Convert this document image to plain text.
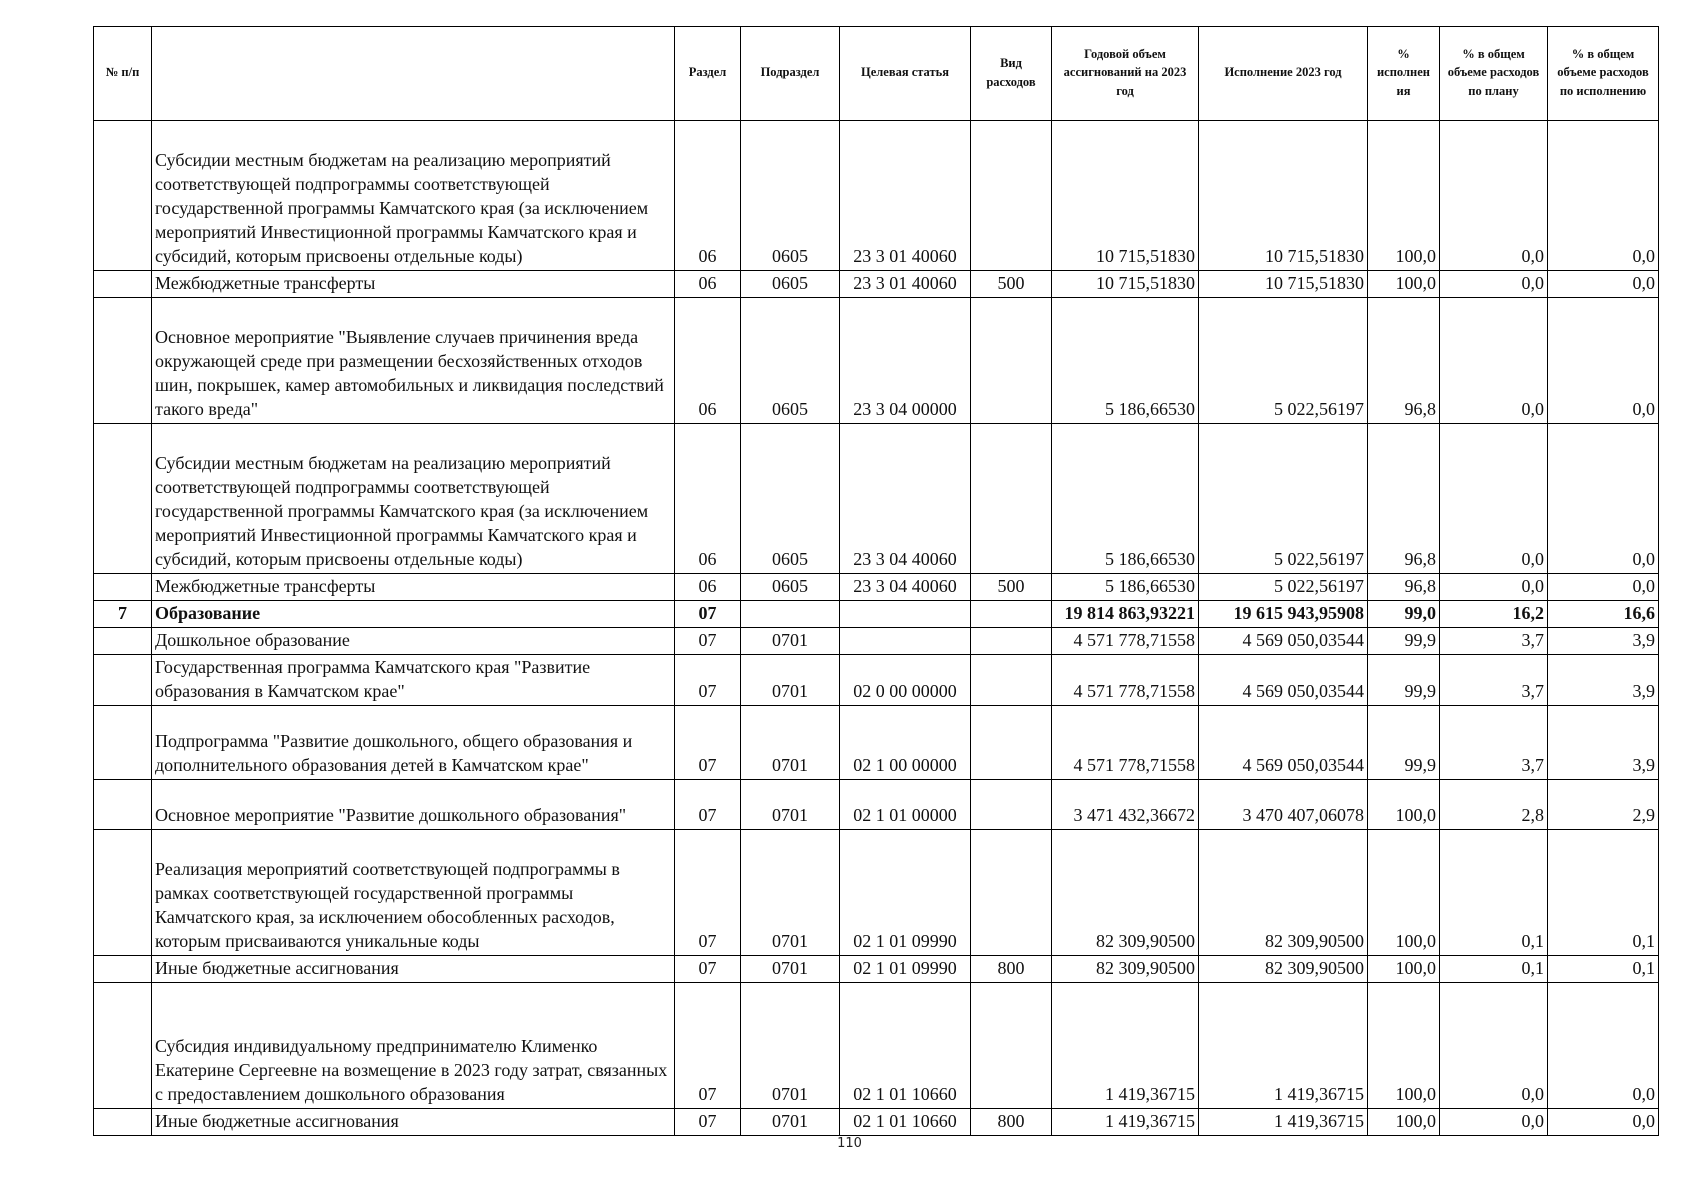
№ п/п		Раздел	Подраздел	Целевая статья	Вид расходов	Годовой объем ассигнований на 2023 год	Исполнение 2023 год	% исполнен ия	% в общем объеме расходов по плану	% в общем объеме расходов по исполнению
	Субсидии местным бюджетам на реализацию мероприятий соответствующей подпрограммы соответствующей государственной программы Камчатского края (за исключением мероприятий Инвестиционной программы Камчатского края и субсидий, которым присвоены отдельные коды)	06	0605	23 3 01 40060		10 715,51830	10 715,51830	100,0	0,0	0,0
	Межбюджетные трансферты	06	0605	23 3 01 40060	500	10 715,51830	10 715,51830	100,0	0,0	0,0
	Основное мероприятие "Выявление случаев причинения вреда окружающей среде при размещении бесхозяйственных отходов шин, покрышек, камер автомобильных и ликвидация последствий такого вреда"	06	0605	23 3 04 00000		5 186,66530	5 022,56197	96,8	0,0	0,0
	Субсидии местным бюджетам на реализацию мероприятий соответствующей подпрограммы соответствующей государственной программы Камчатского края (за исключением мероприятий Инвестиционной программы Камчатского края и субсидий, которым присвоены отдельные коды)	06	0605	23 3 04 40060		5 186,66530	5 022,56197	96,8	0,0	0,0
	Межбюджетные трансферты	06	0605	23 3 04 40060	500	5 186,66530	5 022,56197	96,8	0,0	0,0
7	Образование	07				19 814 863,93221	19 615 943,95908	99,0	16,2	16,6
	Дошкольное образование	07	0701			4 571 778,71558	4 569 050,03544	99,9	3,7	3,9
	Государственная программа Камчатского края "Развитие образования в Камчатском крае"	07	0701	02 0 00 00000		4 571 778,71558	4 569 050,03544	99,9	3,7	3,9
	Подпрограмма "Развитие дошкольного, общего образования и дополнительного образования детей в Камчатском крае"	07	0701	02 1 00 00000		4 571 778,71558	4 569 050,03544	99,9	3,7	3,9
	Основное мероприятие "Развитие дошкольного образования"	07	0701	02 1 01 00000		3 471 432,36672	3 470 407,06078	100,0	2,8	2,9
	Реализация мероприятий соответствующей подпрограммы в рамках соответствующей государственной программы Камчатского края, за исключением обособленных расходов, которым присваиваются уникальные коды	07	0701	02 1 01 09990		82 309,90500	82 309,90500	100,0	0,1	0,1
	Иные бюджетные ассигнования	07	0701	02 1 01 09990	800	82 309,90500	82 309,90500	100,0	0,1	0,1
	Субсидия индивидуальному предпринимателю Клименко Екатерине Сергеевне на возмещение в 2023 году затрат, связанных с предоставлением дошкольного образования	07	0701	02 1 01 10660		1 419,36715	1 419,36715	100,0	0,0	0,0
	Иные бюджетные ассигнования	07	0701	02 1 01 10660	800	1 419,36715	1 419,36715	100,0	0,0	0,0
110
